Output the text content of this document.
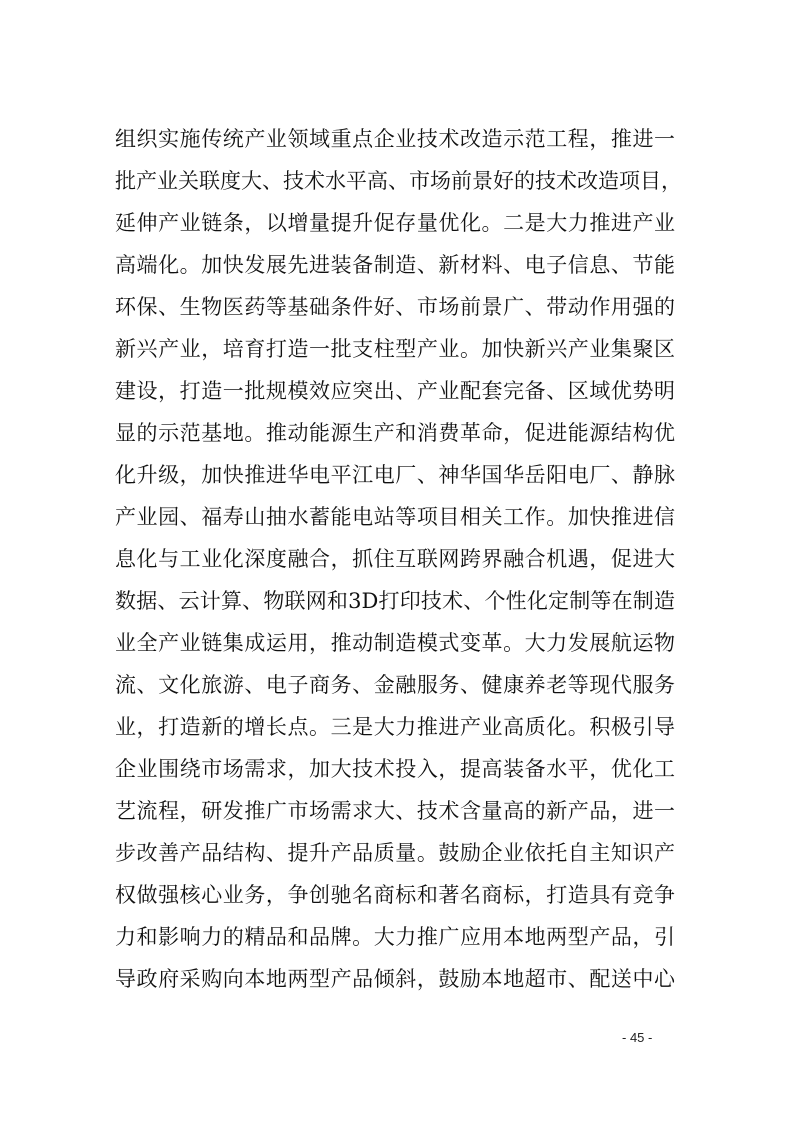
组织实施传统产业领域重点企业技术改造示范工程，推进一
批产业关联度大、技术水平高、市场前景好的技术改造项目，
延伸产业链条，以增量提升促存量优化。二是大力推进产业
高端化。加快发展先进装备制造、新材料、电子信息、节能
环保、生物医药等基础条件好、市场前景广、带动作用强的
新兴产业，培育打造一批支柱型产业。加快新兴产业集聚区
建设，打造一批规模效应突出、产业配套完备、区域优势明
显的示范基地。推动能源生产和消费革命，促进能源结构优
化升级，加快推进华电平江电厂、神华国华岳阳电厂、静脉
产业园、福寿山抽水蓄能电站等项目相关工作。加快推进信
息化与工业化深度融合，抓住互联网跨界融合机遇，促进大
数据、云计算、物联网和3D打印技术、个性化定制等在制造
业全产业链集成运用，推动制造模式变革。大力发展航运物
流、文化旅游、电子商务、金融服务、健康养老等现代服务
业，打造新的增长点。三是大力推进产业高质化。积极引导
企业围绕市场需求，加大技术投入，提高装备水平，优化工
艺流程，研发推广市场需求大、技术含量高的新产品，进一
步改善产品结构、提升产品质量。鼓励企业依托自主知识产
权做强核心业务，争创驰名商标和著名商标，打造具有竞争
力和影响力的精品和品牌。大力推广应用本地两型产品，引
导政府采购向本地两型产品倾斜，鼓励本地超市、配送中心
- 45 -
